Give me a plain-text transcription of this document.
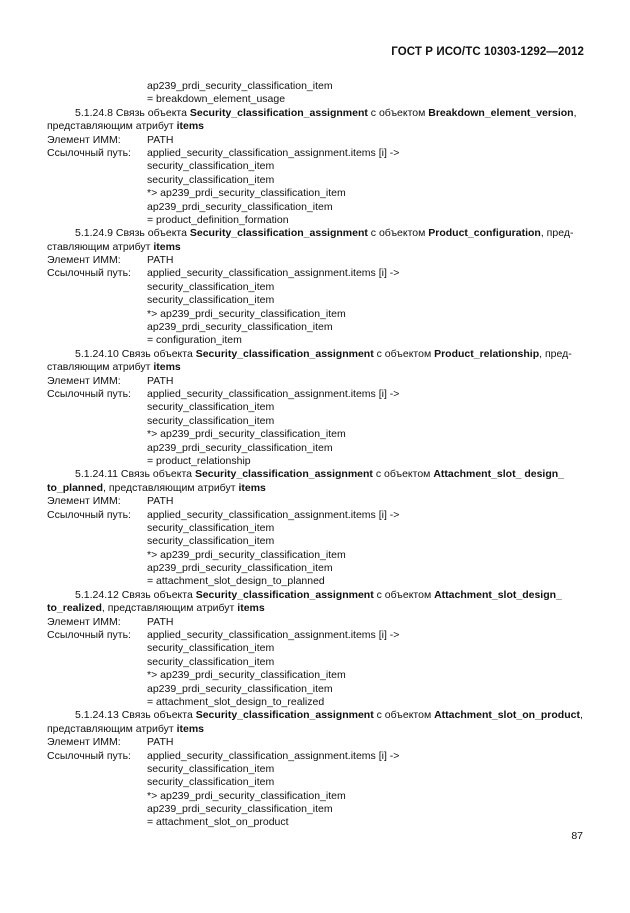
ГОСТ Р ИСО/ТС 10303-1292—2012
ap239_prdi_security_classification_item
= breakdown_element_usage
5.1.24.8 Связь объекта Security_classification_assignment с объектом Breakdown_element_version,
представляющим атрибут items
Элемент ИММ:	PATH
Ссылочный путь:	applied_security_classification_assignment.items [i] ->
security_classification_item
security_classification_item
*> ap239_prdi_security_classification_item
ap239_prdi_security_classification_item
= product_definition_formation
5.1.24.9 Связь объекта Security_classification_assignment с объектом Product_configuration, пред-
ставляющим атрибут items
Элемент ИММ:	PATH
Ссылочный путь:	applied_security_classification_assignment.items [i] ->
security_classification_item
security_classification_item
*> ap239_prdi_security_classification_item
ap239_prdi_security_classification_item
= configuration_item
5.1.24.10 Связь объекта Security_classification_assignment с объектом Product_relationship, пред-
ставляющим атрибут items
Элемент ИММ:	PATH
Ссылочный путь:	applied_security_classification_assignment.items [i] ->
security_classification_item
security_classification_item
*> ap239_prdi_security_classification_item
ap239_prdi_security_classification_item
= product_relationship
5.1.24.11 Связь объекта Security_classification_assignment с объектом Attachment_slot_ design_
to_planned, представляющим атрибут items
Элемент ИММ:	PATH
Ссылочный путь:	applied_security_classification_assignment.items [i] ->
security_classification_item
security_classification_item
*> ap239_prdi_security_classification_item
ap239_prdi_security_classification_item
= attachment_slot_design_to_planned
5.1.24.12 Связь объекта Security_classification_assignment с объектом Attachment_slot_design_
to_realized, представляющим атрибут items
Элемент ИММ:	PATH
Ссылочный путь:	applied_security_classification_assignment.items [i] ->
security_classification_item
security_classification_item
*> ap239_prdi_security_classification_item
ap239_prdi_security_classification_item
= attachment_slot_design_to_realized
5.1.24.13 Связь объекта Security_classification_assignment с объектом Attachment_slot_on_product,
представляющим атрибут items
Элемент ИММ:	PATH
Ссылочный путь:	applied_security_classification_assignment.items [i] ->
security_classification_item
security_classification_item
*> ap239_prdi_security_classification_item
ap239_prdi_security_classification_item
= attachment_slot_on_product
87
